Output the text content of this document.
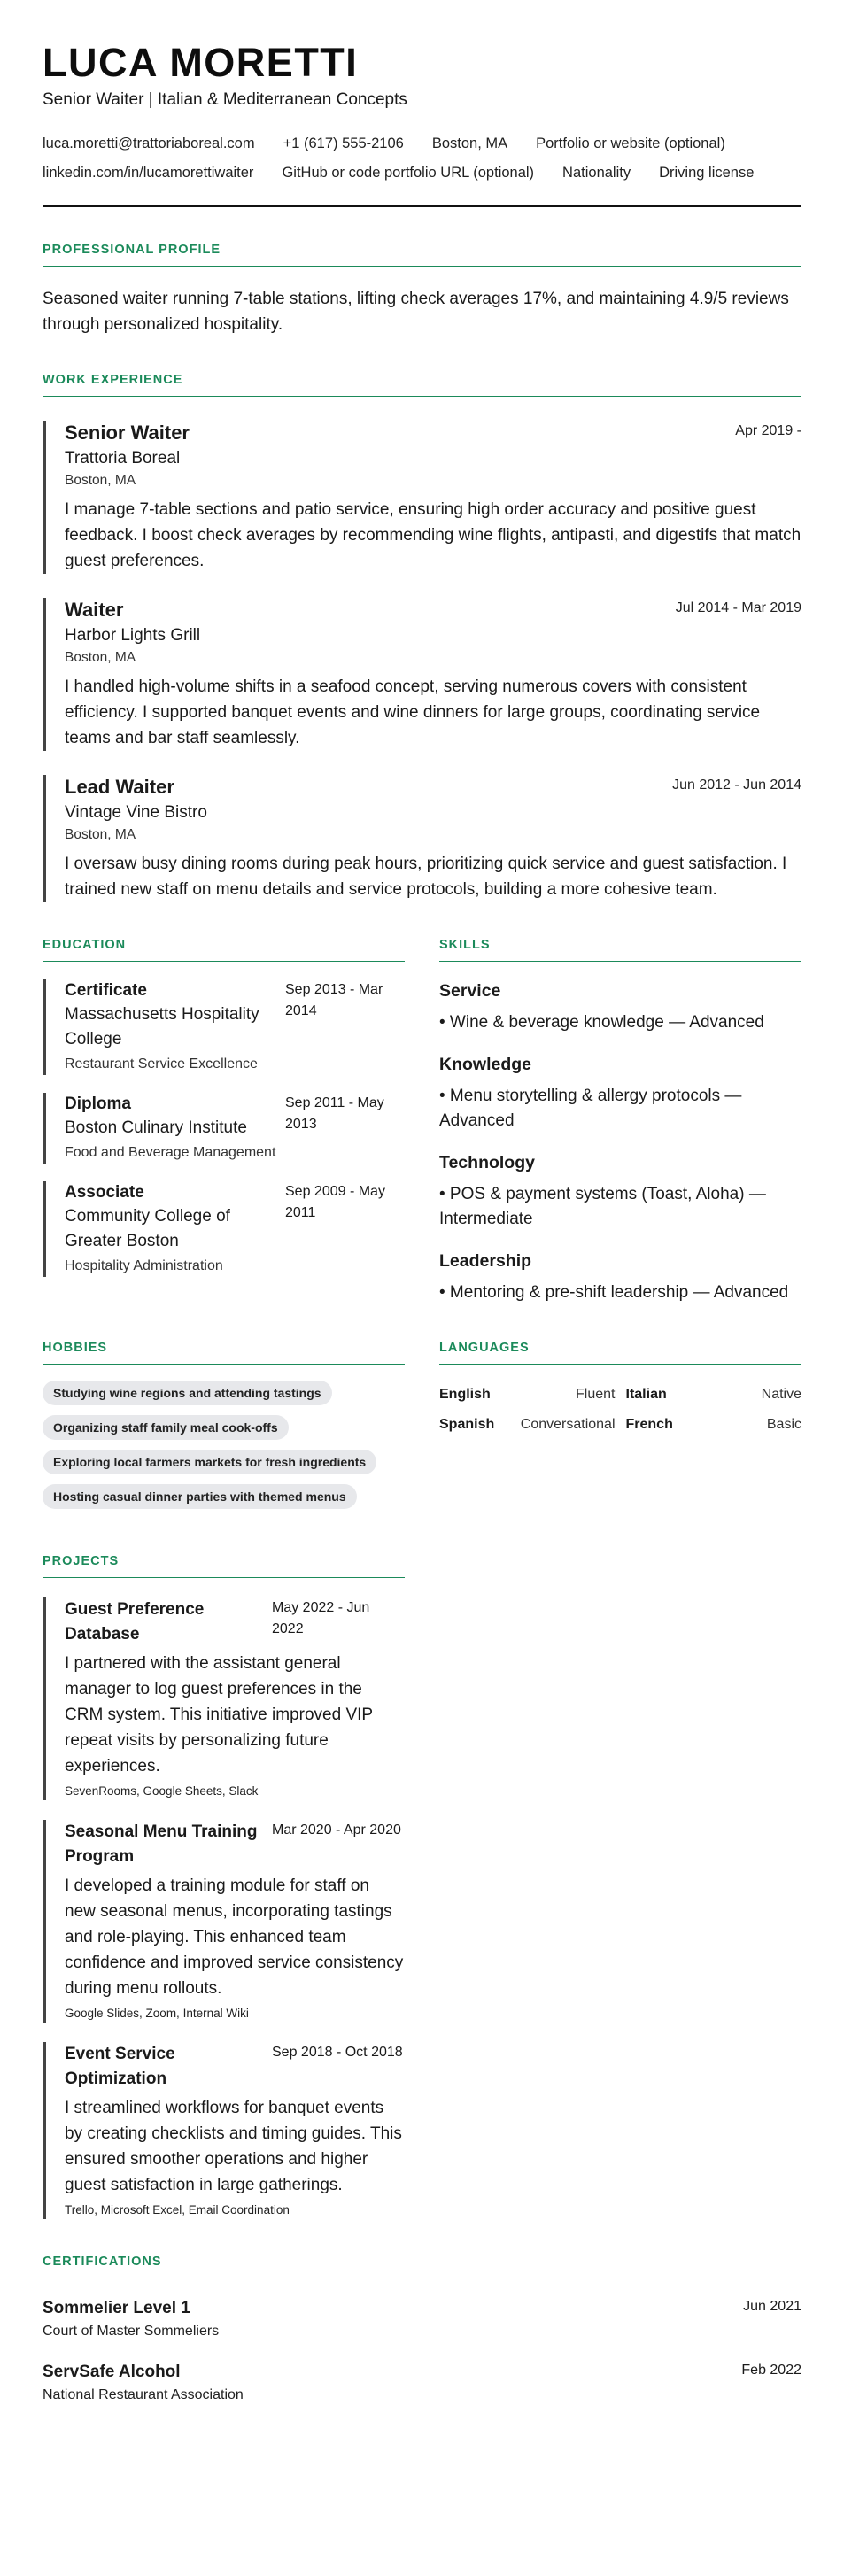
LUCA MORETTI
Senior Waiter | Italian & Mediterranean Concepts
luca.moretti@trattoriaboreal.com +1 (617) 555-2106 Boston, MA Portfolio or website (optional)
linkedin.com/in/lucamorettiwaiter GitHub or code portfolio URL (optional) Nationality Driving license
PROFESSIONAL PROFILE
Seasoned waiter running 7-table stations, lifting check averages 17%, and maintaining 4.9/5 reviews through personalized hospitality.
WORK EXPERIENCE
Senior Waiter	Apr 2019 -
Trattoria Boreal
Boston, MA
I manage 7-table sections and patio service, ensuring high order accuracy and positive guest feedback. I boost check averages by recommending wine flights, antipasti, and digestifs that match guest preferences.
Waiter	Jul 2014 - Mar 2019
Harbor Lights Grill
Boston, MA
I handled high-volume shifts in a seafood concept, serving numerous covers with consistent efficiency. I supported banquet events and wine dinners for large groups, coordinating service teams and bar staff seamlessly.
Lead Waiter	Jun 2012 - Jun 2014
Vintage Vine Bistro
Boston, MA
I oversaw busy dining rooms during peak hours, prioritizing quick service and guest satisfaction. I trained new staff on menu details and service protocols, building a more cohesive team.
EDUCATION
Certificate
Massachusetts Hospitality College
Sep 2013 - Mar 2014
Restaurant Service Excellence
Diploma
Boston Culinary Institute
Food and Beverage Management
Sep 2011 - May 2013
Associate
Community College of Greater Boston
Hospitality Administration
Sep 2009 - May 2011
SKILLS
Service
• Wine & beverage knowledge — Advanced
Knowledge
• Menu storytelling & allergy protocols — Advanced
Technology
• POS & payment systems (Toast, Aloha) — Intermediate
Leadership
• Mentoring & pre-shift leadership — Advanced
HOBBIES
Studying wine regions and attending tastings
Organizing staff family meal cook-offs
Exploring local farmers markets for fresh ingredients
Hosting casual dinner parties with themed menus
LANGUAGES
English	Fluent Italian	Native
Spanish Conversational French	Basic
PROJECTS
Guest Preference Database
May 2022 - Jun 2022
I partnered with the assistant general manager to log guest preferences in the CRM system. This initiative improved VIP repeat visits by personalizing future experiences.
SevenRooms, Google Sheets, Slack
Seasonal Menu Training Program
Mar 2020 - Apr 2020
I developed a training module for staff on new seasonal menus, incorporating tastings and role-playing. This enhanced team confidence and improved service consistency during menu rollouts.
Google Slides, Zoom, Internal Wiki
Event Service Optimization
Sep 2018 - Oct 2018
I streamlined workflows for banquet events by creating checklists and timing guides. This ensured smoother operations and higher guest satisfaction in large gatherings.
Trello, Microsoft Excel, Email Coordination
CERTIFICATIONS
Sommelier Level 1	Jun 2021
Court of Master Sommeliers
ServSafe Alcohol	Feb 2022
National Restaurant Association
